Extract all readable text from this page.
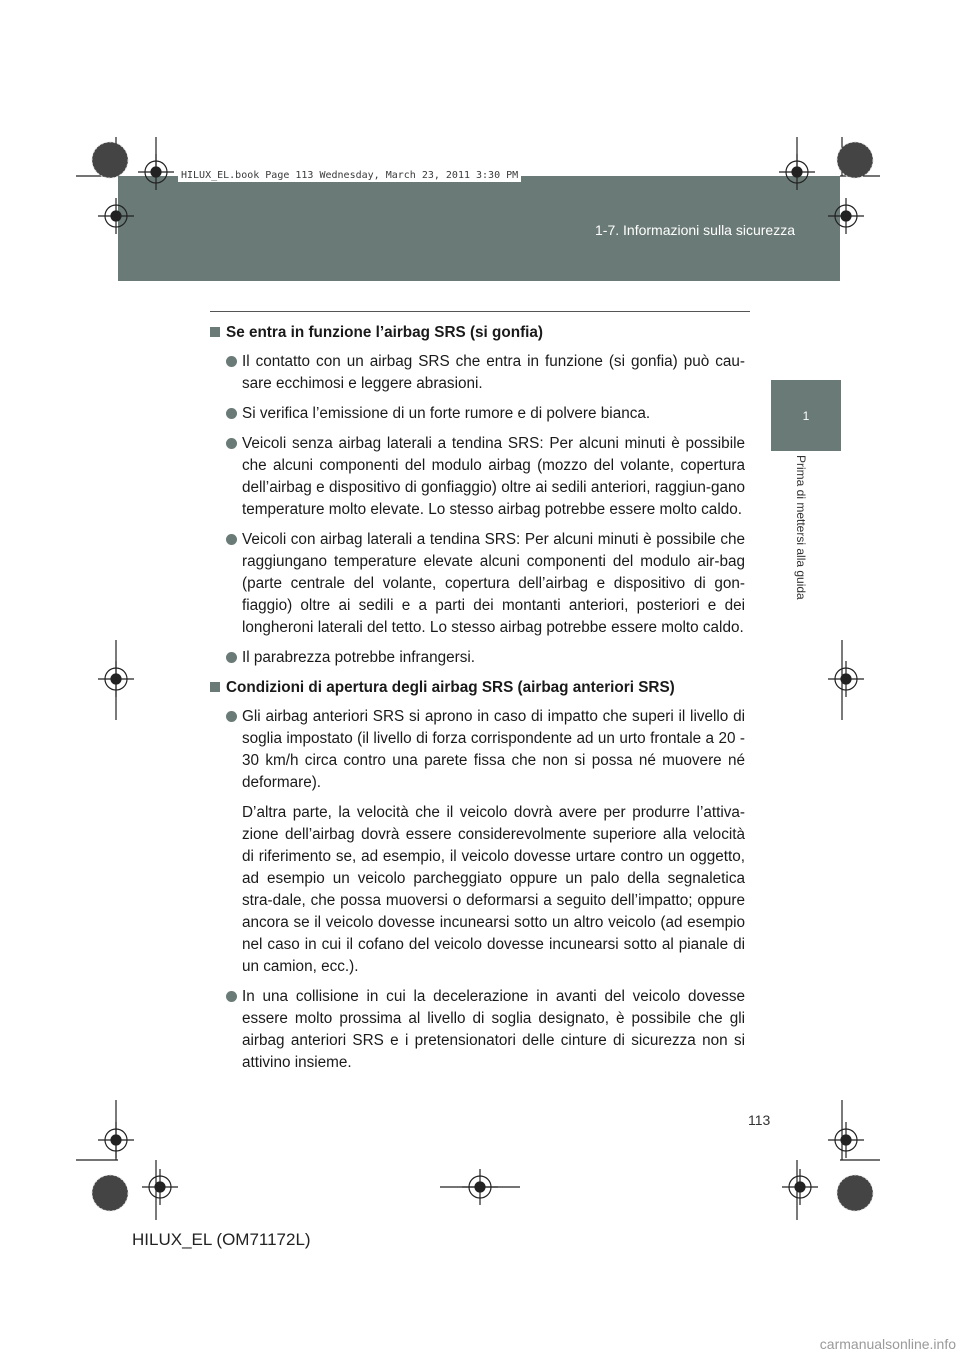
HILUX_EL.book Page 113 Wednesday, March 23, 2011 3:30 PM
1-7. Informazioni sulla sicurezza
1
Prima di mettersi alla guida
Se entra in funzione l’airbag SRS (si gonfia)
Il contatto con un airbag SRS che entra in funzione (si gonfia) può cau-sare ecchimosi e leggere abrasioni.
Si verifica l’emissione di un forte rumore e di polvere bianca.
Veicoli senza airbag laterali a tendina SRS: Per alcuni minuti è possibile che alcuni componenti del modulo airbag (mozzo del volante, copertura dell’airbag e dispositivo di gonfiaggio) oltre ai sedili anteriori, raggiun-gano temperature molto elevate. Lo stesso airbag potrebbe essere molto caldo.
Veicoli con airbag laterali a tendina SRS: Per alcuni minuti è possibile che raggiungano temperature elevate alcuni componenti del modulo air-bag (parte centrale del volante, copertura dell’airbag e dispositivo di gon-fiaggio) oltre ai sedili e a parti dei montanti anteriori, posteriori e dei longheroni laterali del tetto. Lo stesso airbag potrebbe essere molto caldo.
Il parabrezza potrebbe infrangersi.
Condizioni di apertura degli airbag SRS (airbag anteriori SRS)
Gli airbag anteriori SRS si aprono in caso di impatto che superi il livello di soglia impostato (il livello di forza corrispondente ad un urto frontale a 20 - 30 km/h circa contro una parete fissa che non si possa né muovere né deformare).
D’altra parte, la velocità che il veicolo dovrà avere per produrre l’attiva-zione dell’airbag dovrà essere considerevolmente superiore alla velocità di riferimento se, ad esempio, il veicolo dovesse urtare contro un oggetto, ad esempio un veicolo parcheggiato oppure un palo della segnaletica stra-dale, che possa muoversi o deformarsi a seguito dell’impatto; oppure ancora se il veicolo dovesse incunearsi sotto un altro veicolo (ad esempio nel caso in cui il cofano del veicolo dovesse incunearsi sotto al pianale di un camion, ecc.).
In una collisione in cui la decelerazione in avanti del veicolo dovesse essere molto prossima al livello di soglia designato, è possibile che gli airbag anteriori SRS e i pretensionatori delle cinture di sicurezza non si attivino insieme.
113
HILUX_EL (OM71172L)
carmanualsonline.info
